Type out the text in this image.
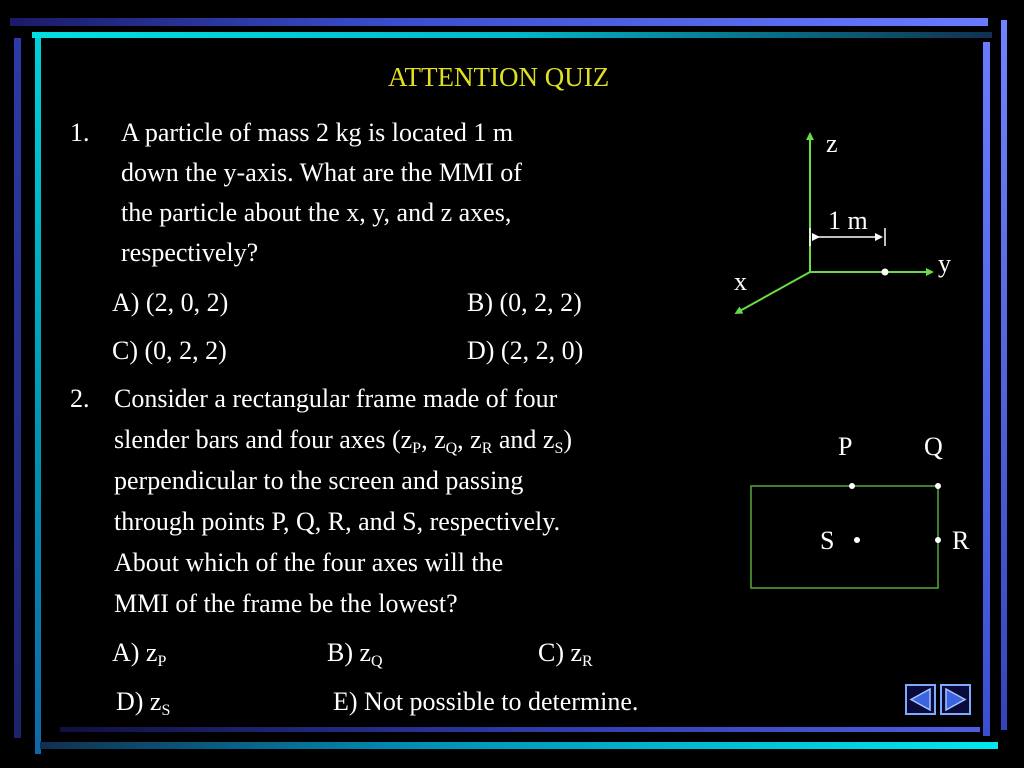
ATTENTION QUIZ
1. A particle of mass 2 kg is located 1 m
down the y-axis. What are the MMI of
the particle about the x, y, and z axes,
respectively?
A) (2, 0, 2)	B) (0, 2, 2)
C) (0, 2, 2)	D) (2, 2, 0)
2. Consider a rectangular frame made of four
slender bars and four axes ($z_P$, $z_Q$, $z_R$ and $z_S$)
perpendicular to the screen and passing
through points P, Q, R, and S, respectively.
About which of the four axes will the
MMI of the frame be the lowest?
A) $z_P$	B) $z_Q$	C) $z_R$
D) $z_S$	E) Not possible to determine.
z
y
x
1 m
P	Q
S	R
